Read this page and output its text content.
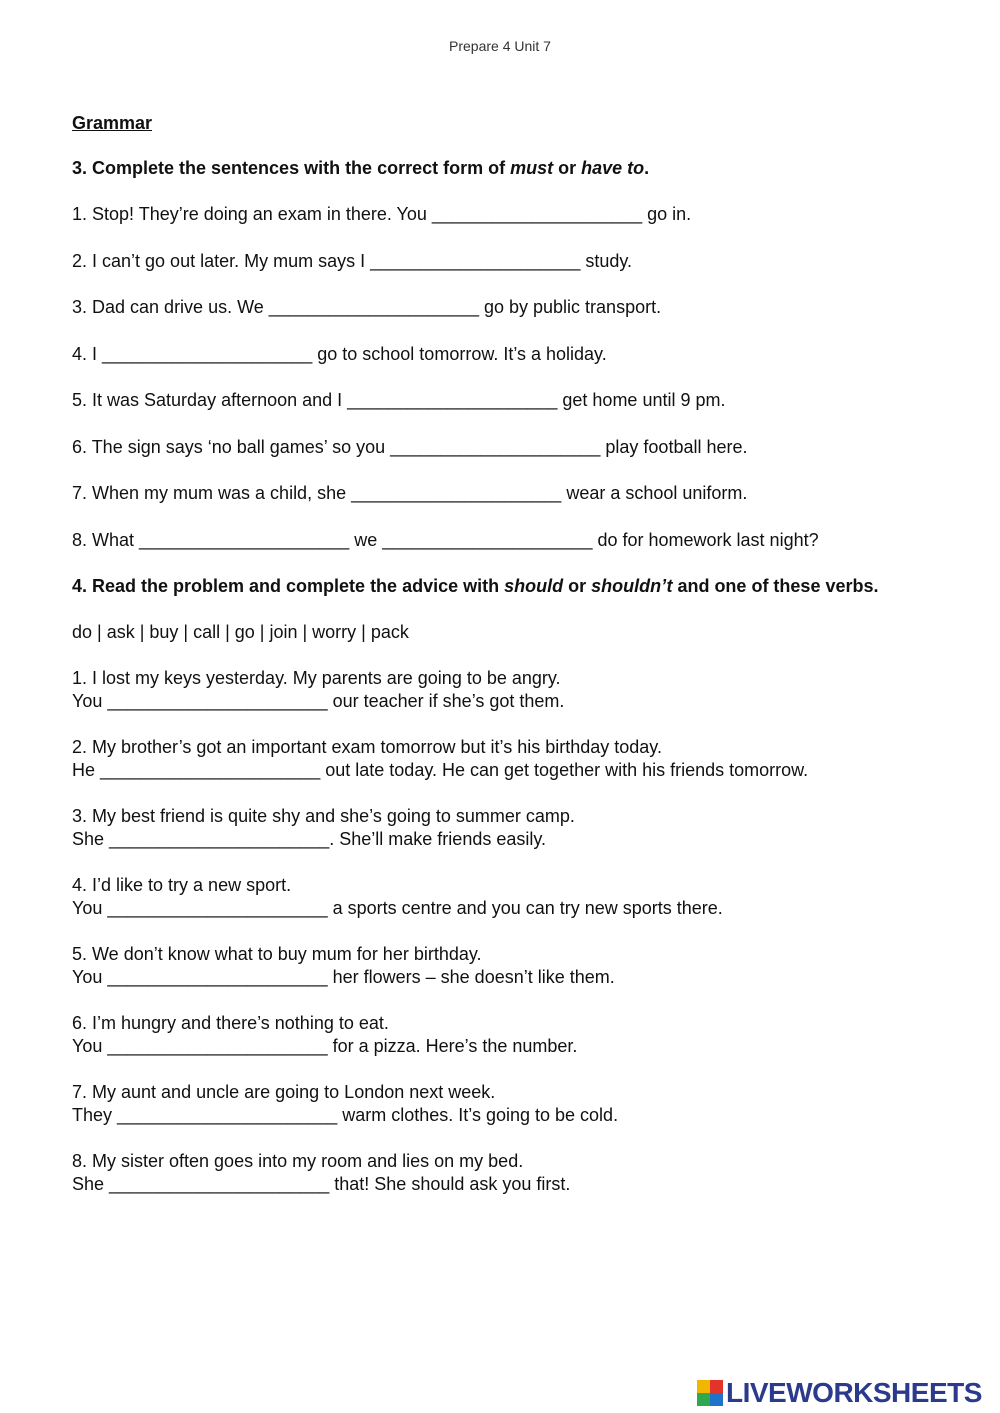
Prepare 4 Unit 7
Grammar
3. Complete the sentences with the correct form of must or have to.
1. Stop! They’re doing an exam in there. You _____________________ go in.
2. I can’t go out later. My mum says I _____________________ study.
3. Dad can drive us. We _____________________ go by public transport.
4. I _____________________ go to school tomorrow. It’s a holiday.
5. It was Saturday afternoon and I _____________________ get home until 9 pm.
6. The sign says ‘no ball games’ so you _____________________ play football here.
7. When my mum was a child, she _____________________ wear a school uniform.
8. What _____________________ we _____________________ do for homework last night?
4. Read the problem and complete the advice with should or shouldn’t and one of these verbs.
do | ask | buy | call | go | join | worry | pack
1. I lost my keys yesterday. My parents are going to be angry.
You ______________________ our teacher if she’s got them.
2. My brother’s got an important exam tomorrow but it’s his birthday today.
He ______________________ out late today. He can get together with his friends tomorrow.
3. My best friend is quite shy and she’s going to summer camp.
She ______________________. She’ll make friends easily.
4. I’d like to try a new sport.
You ______________________ a sports centre and you can try new sports there.
5. We don’t know what to buy mum for her birthday.
You ______________________ her flowers – she doesn’t like them.
6. I’m hungry and there’s nothing to eat.
You ______________________ for a pizza. Here’s the number.
7. My aunt and uncle are going to London next week.
They ______________________ warm clothes. It’s going to be cold.
8. My sister often goes into my room and lies on my bed.
She ______________________ that! She should ask you first.
LIVEWORKSHEETS
